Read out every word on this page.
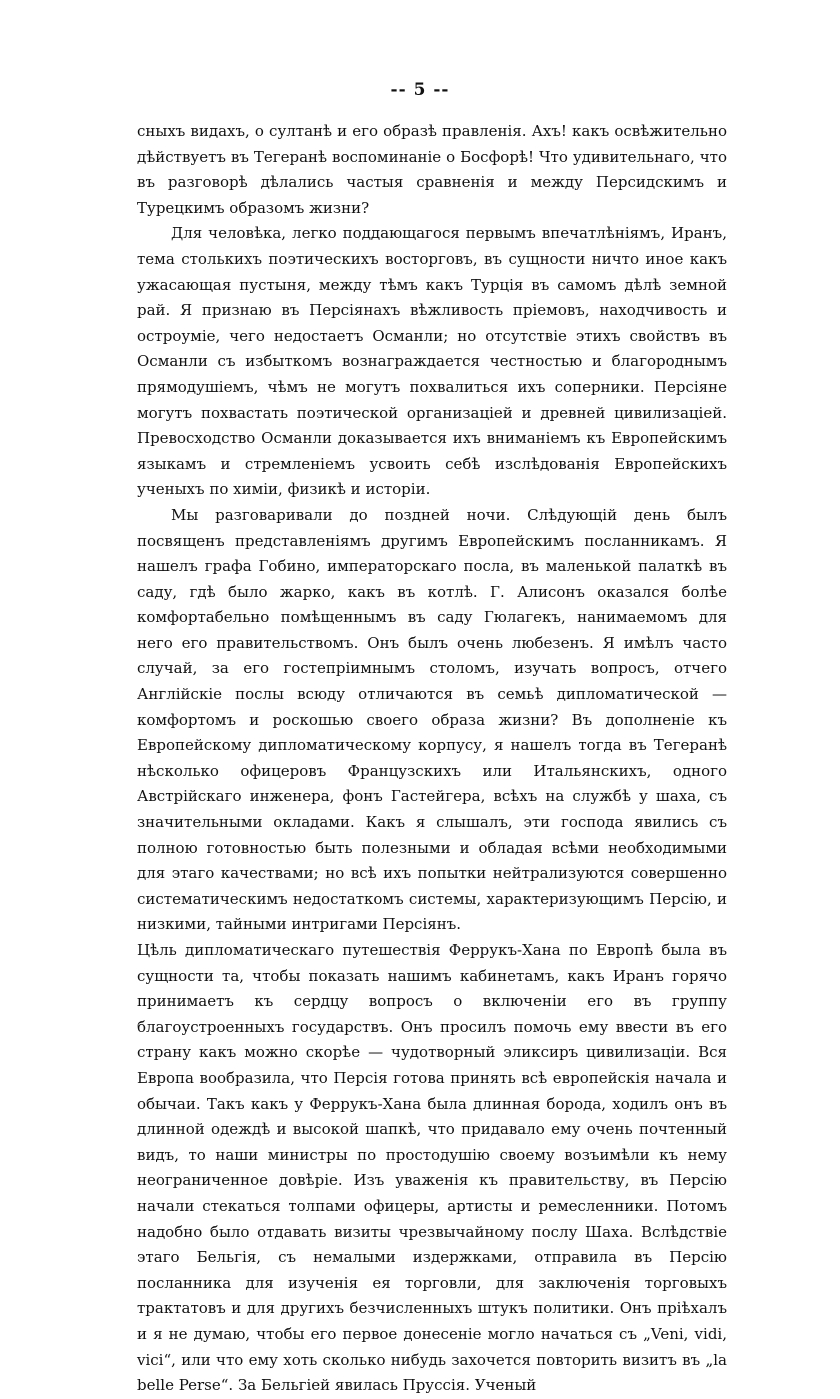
-- 5 --

сныхъ видахъ, о султанѣ и его образѣ правленія. Ахъ! какъ освѣжительно дѣйствуетъ въ Тегеранѣ воспоминаніе о Босфорѣ! Что удивительнаго, что въ разговорѣ дѣлались частыя сравненія и между Персидскимъ и Турецкимъ образомъ жизни?

Для человѣка, легко поддающагося первымъ впечатлѣніямъ, Иранъ, тема столькихъ поэтическихъ восторговъ, въ сущности ничто иное какъ ужасающая пустыня, между тѣмъ какъ Турція въ самомъ дѣлѣ земной рай. Я признаю въ Персіянахъ вѣжливость пріемовъ, находчивость и остроуміе, чего недостаетъ Османли; но отсутствіе этихъ свойствъ въ Османли съ избыткомъ вознаграждается честностью и благороднымъ прямодушіемъ, чѣмъ не могутъ похвалиться ихъ соперники. Персіяне могутъ похвастать поэтической организаціей и древней цивилизаціей. Превосходство Османли доказывается ихъ вниманіемъ къ Европейскимъ языкамъ и стремленіемъ усвоить себѣ изслѣдованія Европейскихъ ученыхъ по химіи, физикѣ и исторіи.

Мы разговаривали до поздней ночи. Слѣдующій день былъ посвященъ представленіямъ другимъ Европейскимъ посланникамъ. Я нашелъ графа Гобино, императорскаго посла, въ маленькой палаткѣ въ саду, гдѣ было жарко, какъ въ котлѣ. Г. Алисонъ оказался болѣе комфортабельно помѣщеннымъ въ саду Гюлагекъ, нанимаемомъ для него его правительствомъ. Онъ былъ очень любезенъ. Я имѣлъ часто случай, за его гостепріимнымъ столомъ, изучать вопросъ, отчего Англійскіе послы всюду отличаются въ семьѣ дипломатической — комфортомъ и роскошью своего образа жизни? Въ дополненіе къ Европейскому дипломатическому корпусу, я нашелъ тогда въ Тегеранѣ нѣсколько офицеровъ Французскихъ или Итальянскихъ, одного Австрійскаго инженера, фонъ Гастейгера, всѣхъ на службѣ у шаха, съ значительными окладами. Какъ я слышалъ, эти господа явились съ полною готовностью быть полезными и обладая всѣми необходимыми для этаго качествами; но всѣ ихъ попытки нейтрализуются совершенно систематическимъ недостаткомъ системы, характеризующимъ Персію, и низкими, тайными интригами Персіянъ.

Цѣль дипломатическаго путешествія Феррукъ-Хана по Европѣ была въ сущности та, чтобы показать нашимъ кабинетамъ, какъ Иранъ горячо принимаетъ къ сердцу вопросъ о включеніи его въ группу благоустроенныхъ государствъ. Онъ просилъ помочь ему ввести въ его страну какъ можно скорѣе — чудотворный эликсиръ цивилизаціи. Вся Европа вообразила, что Персія готова принять всѣ европейскія начала и обычаи. Такъ какъ у Феррукъ-Хана была длинная борода, ходилъ онъ въ длинной одеждѣ и высокой шапкѣ, что придавало ему очень почтенный видъ, то наши министры по простодушію своему возъимѣли къ нему неограниченное довѣріе. Изъ уваженія къ правительству, въ Персію начали стекаться толпами офицеры, артисты и ремесленники. Потомъ надобно было отдавать визиты чрезвычайному послу Шаха. Вслѣдствіе этаго Бельгія, съ немалыми издержками, отправила въ Персію посланника для изученія ея торговли, для заключенія торговыхъ трактатовъ и для другихъ безчисленныхъ штукъ политики. Онъ пріѣхалъ и я не думаю, чтобы его первое донесеніе могло начаться съ „Veni, vidi, vici“, или что ему хоть сколько нибудь захочется повторить визитъ въ „la belle Perse“. За Бельгіей явилась Пруссія. Ученый
